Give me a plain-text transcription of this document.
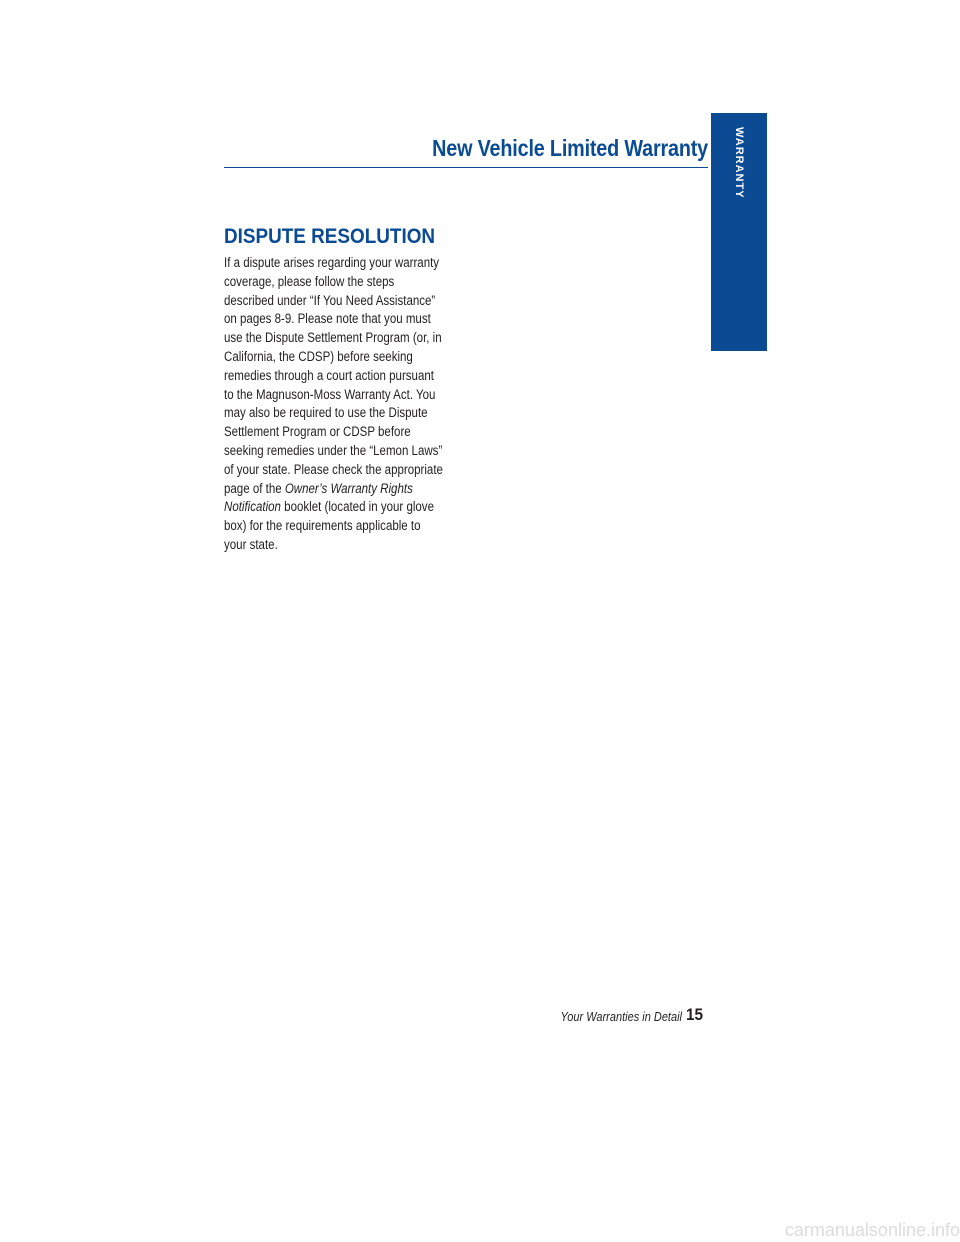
New Vehicle Limited Warranty WARRANTY
DISPUTE RESOLUTION

If a dispute arises regarding your warranty
coverage, please follow the steps
described under “If You Need Assistance”
on pages 8-9. Please note that you must
use the Dispute Settlement Program (or, in
California, the CDSP) before seeking
remedies through a court action pursuant
to the Magnuson-Moss Warranty Act. You
may also be required to use the Dispute
Settlement Program or CDSP before
seeking remedies under the “Lemon Laws”
of your state. Please check the appropriate
page of the Owner’s Warranty Rights
Notification booklet (located in your glove
box) for the requirements applicable to
your state.

Your Warranties in Detail 15
carmanualsonline.info
